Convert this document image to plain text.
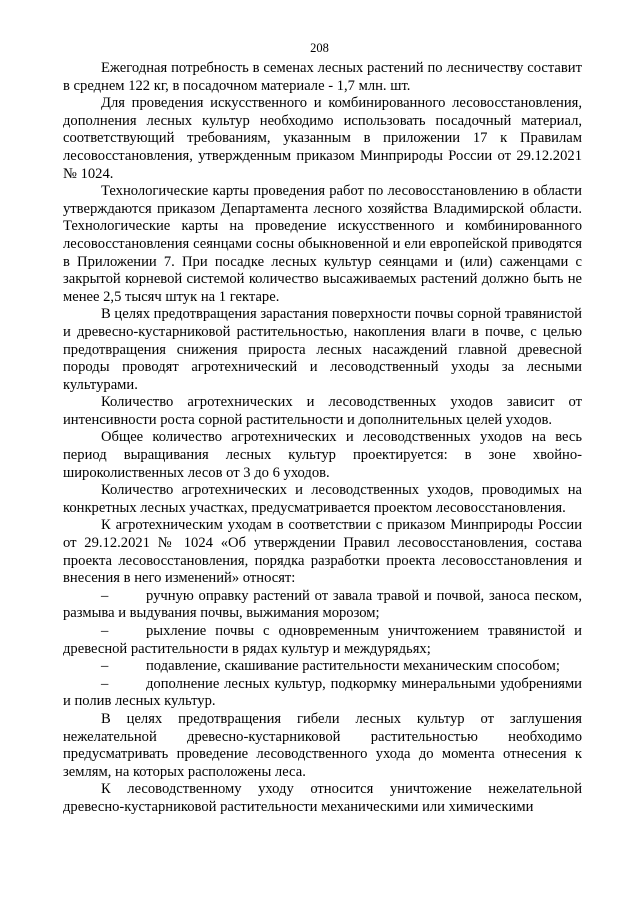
208

Ежегодная потребность в семенах лесных растений по лесничеству составит в среднем 122 кг, в посадочном материале - 1,7 млн. шт.

Для проведения искусственного и комбинированного лесовосстановления, дополнения лесных культур необходимо использовать посадочный материал, соответствующий требованиям, указанным в приложении 17 к Правилам лесовосстановления, утвержденным приказом Минприроды России от 29.12.2021 № 1024.

Технологические карты проведения работ по лесовосстановлению в области утверждаются приказом Департамента лесного хозяйства Владимирской области. Технологические карты на проведение искусственного и комбинированного лесовосстановления сеянцами сосны обыкновенной и ели европейской приводятся в Приложении 7. При посадке лесных культур сеянцами и (или) саженцами с закрытой корневой системой количество высаживаемых растений должно быть не менее 2,5 тысяч штук на 1 гектаре.

В целях предотвращения зарастания поверхности почвы сорной травянистой и древесно-кустарниковой растительностью, накопления влаги в почве, с целью предотвращения снижения прироста лесных насаждений главной древесной породы проводят агротехнический и лесоводственный уходы за лесными культурами.

Количество агротехнических и лесоводственных уходов зависит от интенсивности роста сорной растительности и дополнительных целей уходов.

Общее количество агротехнических и лесоводственных уходов на весь период выращивания лесных культур проектируется: в зоне хвойно-широколиственных лесов от 3 до 6 уходов.

Количество агротехнических и лесоводственных уходов, проводимых на конкретных лесных участках, предусматривается проектом лесовосстановления.

К агротехническим уходам в соответствии с приказом Минприроды России от 29.12.2021 № 1024 «Об утверждении Правил лесовосстановления, состава проекта лесовосстановления, порядка разработки проекта лесовосстановления и внесения в него изменений» относят:

–	ручную оправку растений от завала травой и почвой, заноса песком, размыва и выдувания почвы, выжимания морозом;

–	рыхление почвы с одновременным уничтожением травянистой и древесной растительности в рядах культур и междурядьях;

–	подавление, скашивание растительности механическим способом;

–	дополнение лесных культур, подкормку минеральными удобрениями и полив лесных культур.

В целях предотвращения гибели лесных культур от заглушения нежелательной древесно-кустарниковой растительностью необходимо предусматривать проведение лесоводственного ухода до момента отнесения к землям, на которых расположены леса.

К лесоводственному уходу относится уничтожение нежелательной древесно-кустарниковой растительности механическими или химическими
